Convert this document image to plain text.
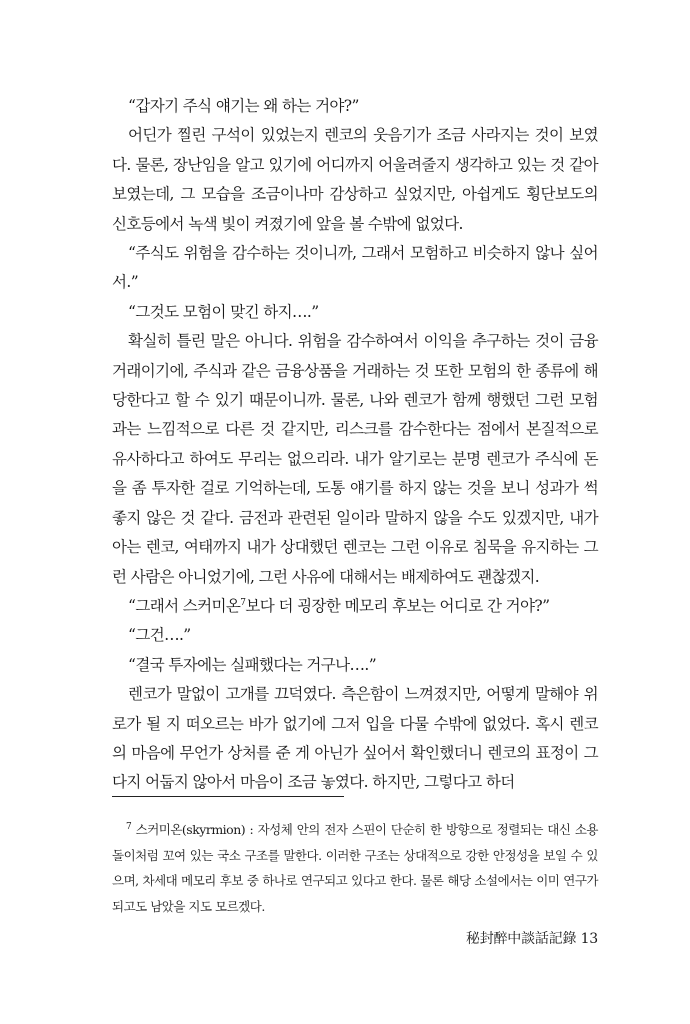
“갑자기 주식 얘기는 왜 하는 거야?”

어딘가 찔린 구석이 있었는지 렌코의 웃음기가 조금 사라지는 것이 보였다. 물론, 장난임을 알고 있기에 어디까지 어울려줄지 생각하고 있는 것 같아 보였는데, 그 모습을 조금이나마 감상하고 싶었지만, 아쉽게도 횡단보도의 신호등에서 녹색 빛이 켜졌기에 앞을 볼 수밖에 없었다.

“주식도 위험을 감수하는 것이니까, 그래서 모험하고 비슷하지 않나 싶어서.”

“그것도 모험이 맞긴 하지….”

확실히 틀린 말은 아니다. 위험을 감수하여서 이익을 추구하는 것이 금융거래이기에, 주식과 같은 금융상품을 거래하는 것 또한 모험의 한 종류에 해당한다고 할 수 있기 때문이니까. 물론, 나와 렌코가 함께 행했던 그런 모험과는 느낌적으로 다른 것 같지만, 리스크를 감수한다는 점에서 본질적으로 유사하다고 하여도 무리는 없으리라. 내가 알기로는 분명 렌코가 주식에 돈을 좀 투자한 걸로 기억하는데, 도통 얘기를 하지 않는 것을 보니 성과가 썩 좋지 않은 것 같다. 금전과 관련된 일이라 말하지 않을 수도 있겠지만, 내가 아는 렌코, 여태까지 내가 상대했던 렌코는 그런 이유로 침묵을 유지하는 그런 사람은 아니었기에, 그런 사유에 대해서는 배제하여도 괜찮겠지.

“그래서 스커미온$^7$보다 더 굉장한 메모리 후보는 어디로 간 거야?”

“그건….”

“결국 투자에는 실패했다는 거구나….”

렌코가 말없이 고개를 끄덕였다. 측은함이 느껴졌지만, 어떻게 말해야 위로가 될 지 떠오르는 바가 없기에 그저 입을 다물 수밖에 없었다. 혹시 렌코의 마음에 무언가 상처를 준 게 아닌가 싶어서 확인했더니 렌코의 표정이 그다지 어둡지 않아서 마음이 조금 놓였다. 하지만, 그렇다고 하더

$^7$ 스커미온(skyrmion) : 자성체 안의 전자 스핀이 단순히 한 방향으로 정렬되는 대신 소용돌이처럼 꼬여 있는 국소 구조를 말한다. 이러한 구조는 상대적으로 강한 안정성을 보일 수 있으며, 차세대 메모리 후보 중 하나로 연구되고 있다고 한다. 물론 해당 소설에서는 이미 연구가 되고도 남았을 지도 모르겠다.

秘封醉中談話記錄 13
